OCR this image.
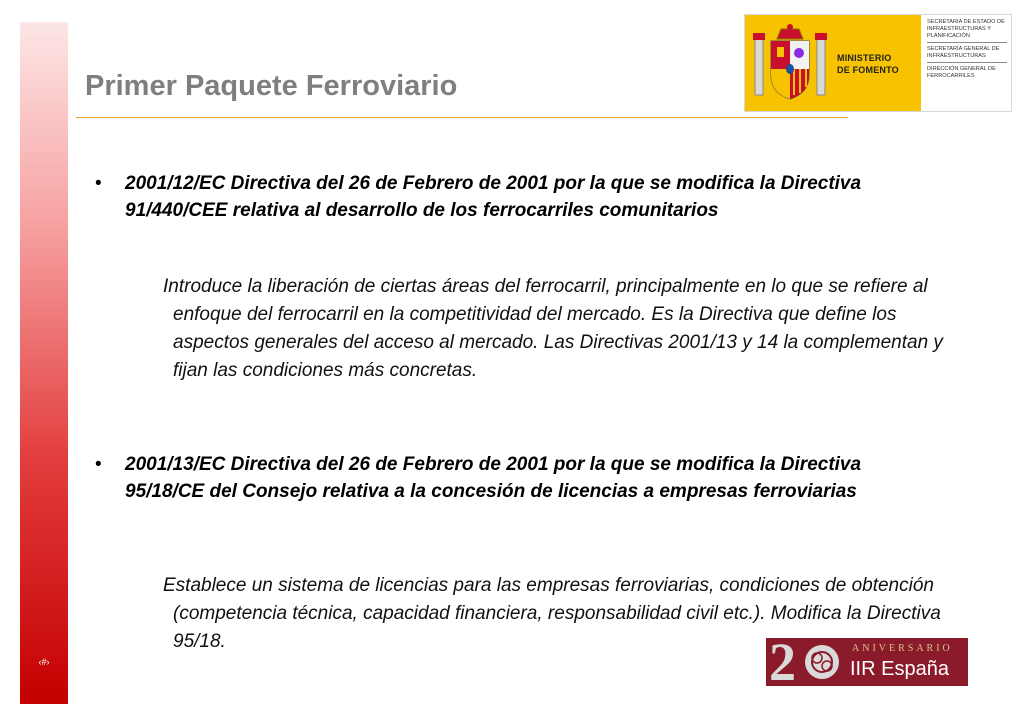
‹#›
Primer Paquete Ferroviario
MINISTERIO
DE FOMENTO
SECRETARIA DE ESTADO DE INFRAESTRUCTURAS Y PLANIFICACIÓN
SECRETARÍA GENERAL DE INFRAESTRUCTURAS
DIRECCIÓN GENERAL DE FERROCARRILES
• 2001/12/EC Directiva del 26 de Febrero de 2001 por la que se modifica la Directiva 91/440/CEE relativa al desarrollo de los ferrocarriles comunitarios

Introduce la liberación de ciertas áreas del ferrocarril, principalmente en lo que se refiere al enfoque del ferrocarril en la competitividad del mercado. Es la Directiva que define los aspectos generales del acceso al mercado. Las Directivas 2001/13 y 14 la complementan y fijan las condiciones más concretas.

• 2001/13/EC Directiva del 26 de Febrero de 2001 por la que se modifica la Directiva 95/18/CE del Consejo relativa a la concesión de licencias a empresas ferroviarias

Establece un sistema de licencias para las empresas ferroviarias, condiciones de obtención (competencia técnica, capacidad financiera, responsabilidad civil etc.). Modifica la Directiva 95/18.	2	ANIVERSARIO
IIR España
